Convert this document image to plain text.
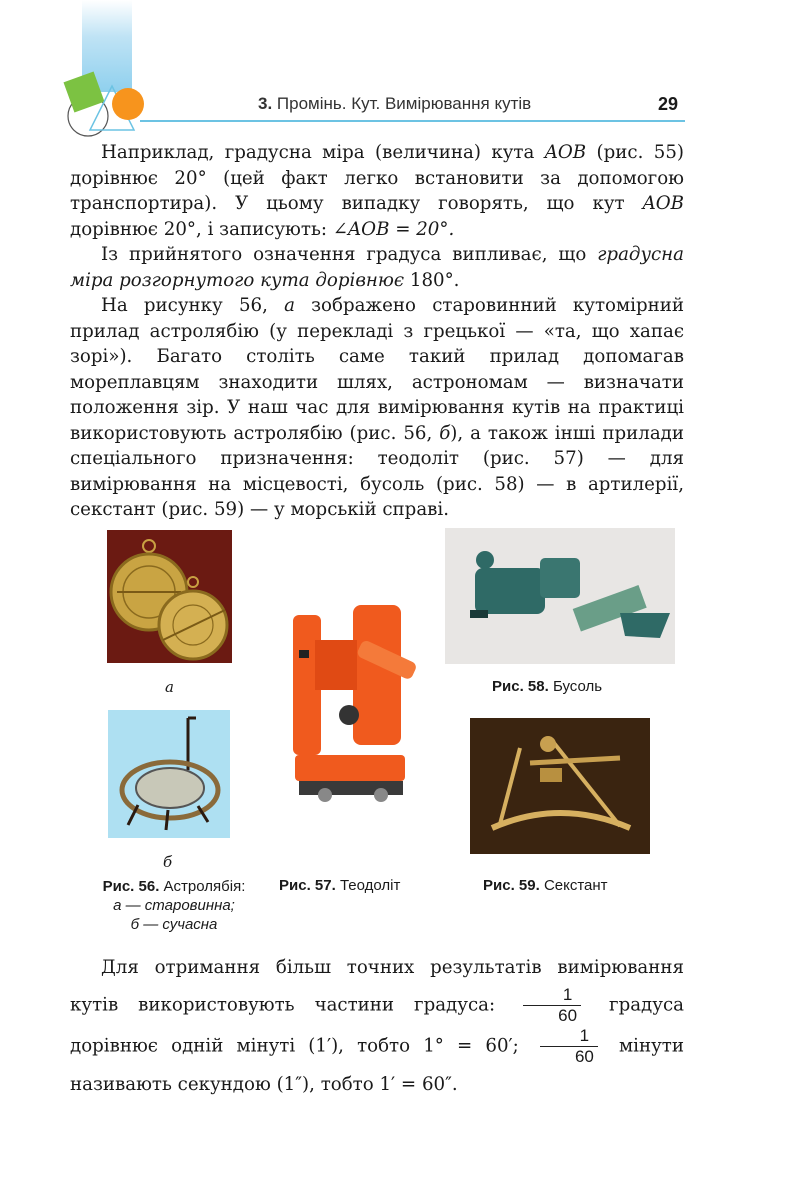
3. Промінь. Кут. Вимірювання кутів	29

Наприклад, градусна міра (величина) кута AOB (рис. 55) дорівнює 20° (цей факт легко встановити за допомогою транспортира). У цьому випадку говорять, що кут AOB дорівнює 20°, і записують: ∠AOB = 20°.

Із прийнятого означення градуса випливає, що градусна міра розгорнутого кута дорівнює 180°.

На рисунку 56, а зображено старовинний кутомірний прилад астролябію (у перекладі з грецької — «та, що хапає зорі»). Багато століть саме такий прилад допомагав мореплавцям знаходити шлях, астрономам — визначати положення зір. У наш час для вимірювання кутів на практиці використовують астролябію (рис. 56, б), а також інші прилади спеціального призначення: теодоліт (рис. 57) — для вимірювання на місцевості, бусоль (рис. 58) — в артилерії, секстант (рис. 59) — у морській справі.

а
б
Рис. 58. Бусоль
Рис. 59. Секстант
Рис. 56. Астролябія:
а — старовинна;
б — сучасна
Рис. 57. Теодоліт

Для отримання більш точних результатів вимірювання кутів використовують частини градуса: $\frac{1}{60}$ градуса дорівнює одній мінуті (1′), тобто 1° = 60′; $\frac{1}{60}$ мінути називають секундою (1″), тобто 1′ = 60″.
